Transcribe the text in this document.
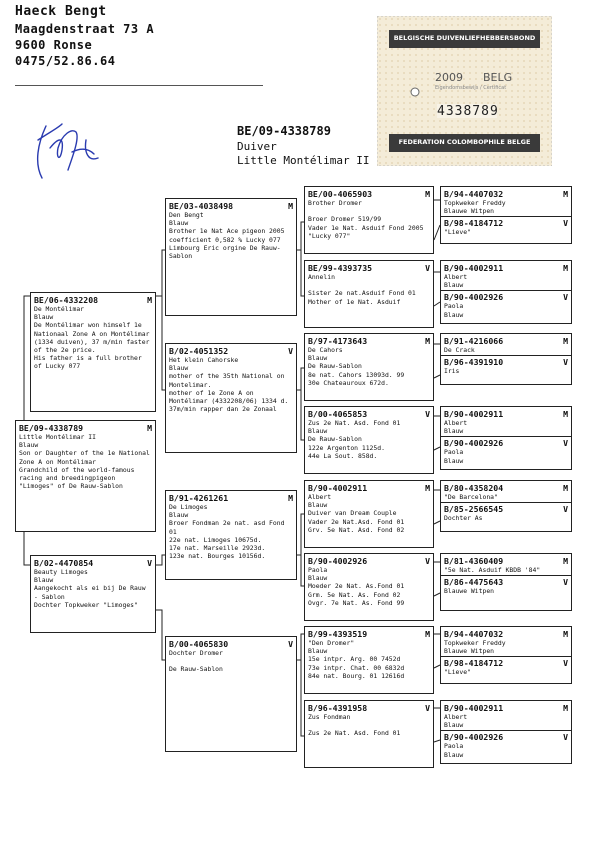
Haeck Bengt
Maagdenstraat 73 A
9600 Ronse
0475/52.86.64
BELGISCHE DUIVENLIEFHEBBERSBOND
2009 BELG
Eigendomsbewijs / Certificat
4338789
FEDERATION COLOMBOPHILE BELGE
BE/09-4338789
Duiver
Little Montélimar II
BE/09-4338789	M
Little Montélimar II
Blauw
Son or Daughter of the 1e National Zone A on Montélimar
Grandchild of the world-famous racing and breedingpigeon "Limoges" of De Rauw-Sablon
BE/06-4332208	M
De Montélimar
Blauw
De Montélimar won himself 1e Nationaal Zone A on Montélimar (1334 duiven), 37 m/min faster of the 2e price.
His father is a full brother of Lucky 077
B/02-4470854	V
Beauty Limoges
Blauw
Aangekocht als ei bij De Rauw - Sablon
Dochter Topkweker "Limoges"
BE/03-4038498	M
Den Bengt
Blauw
Brother 1e Nat Ace pigeon 2005 coefficient 0,582 % Lucky 077 Limbourg Eric orgine De Rauw-Sablon
B/02-4051352	V
Het klein Cahorske
Blauw
mother of the 35th National on Montelimar.
mother of 1e Zone A on Montélimar (4332208/06) 1334 d. 37m/min rapper dan 2e Zonaal
B/91-4261261	M
De Limoges
Blauw
Broer Fondman 2e nat. asd Fond 01
22e nat. Limoges 10675d.
17e nat. Marseille 2923d.
123e nat. Bourges 10156d.
B/00-4065830	V
Dochter Dromer

De Rauw-Sablon
BE/00-4065903	M
Brother Dromer

Broer Dromer 519/99
Vader 1e Nat. Asduif Fond 2005 "Lucky 077"
BE/99-4393735	V
Annelin

Sister 2e nat.Asduif Fond 01
Mother of 1e Nat. Asduif
B/97-4173643	M
De Cahors
Blauw
De Rauw-Sablon
8e nat. Cahors 13093d. 99
30e Chateauroux 672d.
B/00-4065853	V
Zus 2e Nat. Asd. Fond 01
Blauw
De Rauw-Sablon
122e Argenton 1125d.
44e La Sout. 858d.
B/90-4002911	M
Albert
Blauw
Duiver van Dream Couple
Vader 2e Nat.Asd. Fond 01
Grv. 5e Nat. Asd. Fond 02
B/90-4002926	V
Paola
Blauw
Moeder 2e Nat. As.Fond 01
Grm. 5e Nat. As. Fond 02
Ovgr. 7e Nat. As. Fond 99
B/99-4393519	M
"Den Dromer"
Blauw
15e intpr. Arg. 00 7452d
73e intpr. Chat. 00 6832d
84e nat. Bourg. 01 12616d
B/96-4391958	V
Zus Fondman

Zus 2e Nat. Asd. Fond 01
B/94-4407032	M
Topkweker Freddy
Blauwe Witpen
B/98-4184712	V
"Lieve"
B/90-4002911	M
Albert
Blauw
B/90-4002926	V
Paola
Blauw
B/91-4216066	M
De Crack
B/96-4391910	V
Iris
B/90-4002911	M
Albert
Blauw
B/90-4002926	V
Paola
Blauw
B/80-4358204	M
"De Barcelona"
B/85-2566545	V
Dochter As
B/81-4360409	M
"5e Nat. Asduif KBDB '84"
B/86-4475643	V
Blauwe Witpen
B/94-4407032	M
Topkweker Freddy
Blauwe Witpen
B/98-4184712	V
"Lieve"
B/90-4002911	M
Albert
Blauw
B/90-4002926	V
Paola
Blauw
